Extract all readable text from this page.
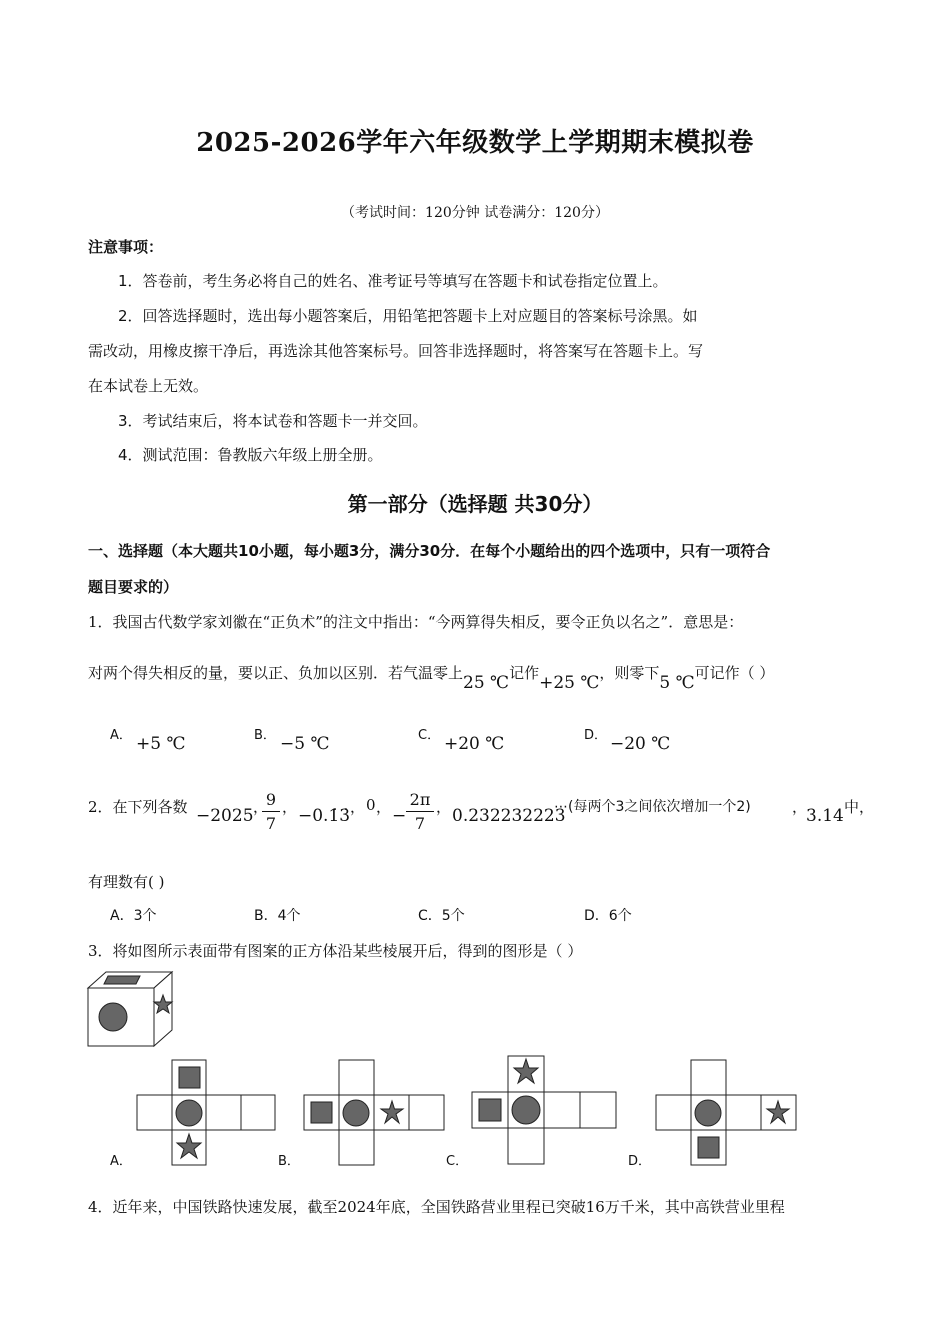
2025-2026学年六年级数学上学期期末模拟卷
（考试时间：120分钟 试卷满分：120分）
注意事项：
1．答卷前，考生务必将自己的姓名、准考证号等填写在答题卡和试卷指定位置上。
2．回答选择题时，选出每小题答案后，用铅笔把答题卡上对应题目的答案标号涂黑。如
需改动，用橡皮擦干净后，再选涂其他答案标号。回答非选择题时，将答案写在答题卡上。写
在本试卷上无效。
3．考试结束后，将本试卷和答题卡一并交回。
4．测试范围：鲁教版六年级上册全册。
第一部分（选择题 共30分）
一、选择题（本大题共10小题，每小题3分，满分30分．在每个小题给出的四个选项中，只有一项符合
题目要求的）
1．我国古代数学家刘徽在“正负术”的注文中指出：“今两算得失相反，要令正负以名之”．意思是：
对两个得失相反的量，要以正、负加以区别．若气温零上25 ℃记作+25 ℃，则零下5 ℃可记作（ ）
A． +5 ℃	B． −5 ℃	C． +20 ℃	D． −20 ℃
2．在下列各数 −2025 ，
9
7
， −0.1̇3̇ ， 0 ， −
2π
7
， 0.232232223
⋯(每两个3之间依次增加一个2)	，
3.14 中，
有理数有( )
A．3个	B．4个	C．5个	D．6个
3．将如图所示表面带有图案的正方体沿某些棱展开后，得到的图形是（ ）
A．	B．	C．	D．
4．近年来，中国铁路快速发展，截至2024年底，全国铁路营业里程已突破16万千米，其中高铁营业里程
